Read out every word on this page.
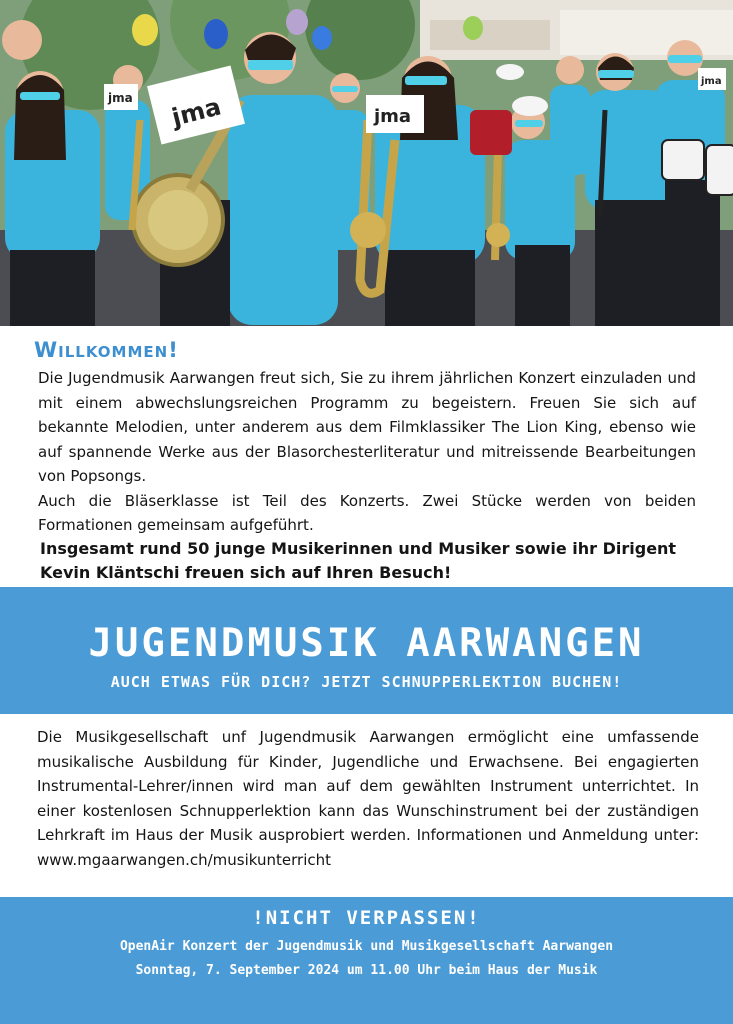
jma	jma
jma
jma
Willkommen!

Die Jugendmusik Aarwangen freut sich, Sie zu ihrem jährlichen Konzert einzuladen und mit einem abwechslungsreichen Programm zu begeistern. Freuen Sie sich auf bekannte Melodien, unter anderem aus dem Filmklassiker The Lion King, ebenso wie auf spannende Werke aus der Blasorchesterliteratur und mitreissende Bearbeitungen von Popsongs.

Auch die Bläserklasse ist Teil des Konzerts. Zwei Stücke werden von beiden Formationen gemeinsam aufgeführt.

Insgesamt rund 50 junge Musikerinnen und Musiker sowie ihr Dirigent Kevin Kläntschi freuen sich auf Ihren Besuch!

JUGENDMUSIK AARWANGEN

AUCH ETWAS FÜR DICH? JETZT SCHNUPPERLEKTION BUCHEN!

Die Musikgesellschaft unf Jugendmusik Aarwangen ermöglicht eine umfassende musikalische Ausbildung für Kinder, Jugendliche und Erwachsene. Bei engagierten Instrumental-Lehrer/innen wird man auf dem gewählten Instrument unterrichtet. In einer kostenlosen Schnupperlektion kann das Wunschinstrument bei der zuständigen Lehrkraft im Haus der Musik ausprobiert werden. Informationen und Anmeldung unter: www.mgaarwangen.ch/musikunterricht

!NICHT VERPASSEN!

OpenAir Konzert der Jugendmusik und Musikgesellschaft Aarwangen

Sonntag, 7. September 2024 um 11.00 Uhr beim Haus der Musik
